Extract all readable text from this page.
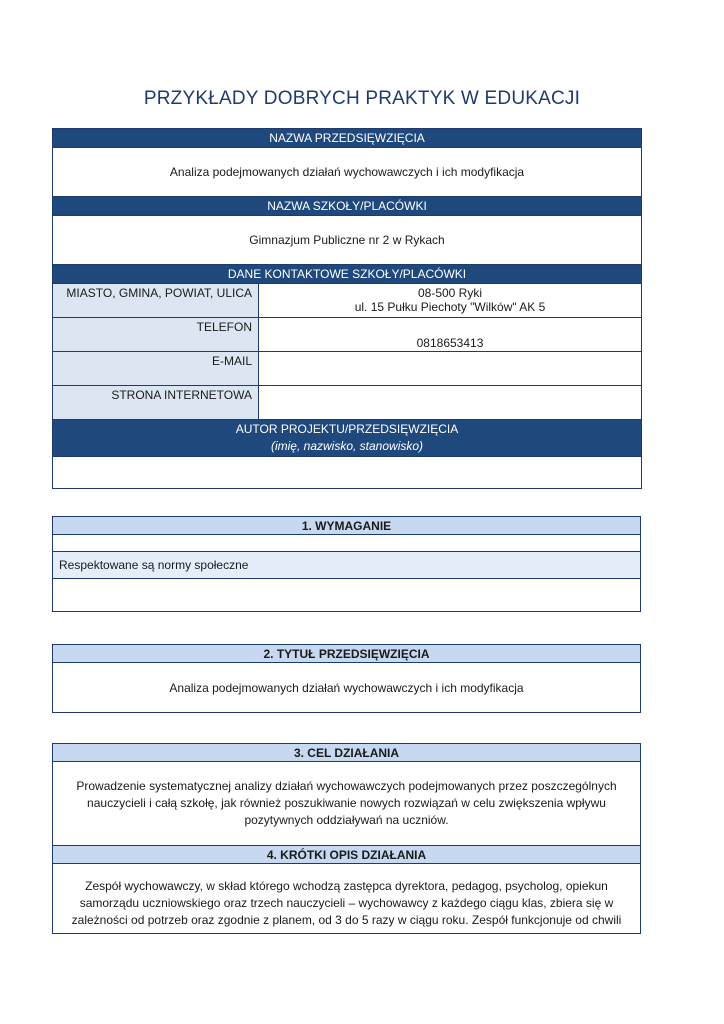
PRZYKŁADY DOBRYCH PRAKTYK W EDUKACJI
NAZWA PRZEDSIĘWZIĘCIA	
Analiza podejmowanych działań wychowawczych i ich modyfikacja	
NAZWA SZKOŁY/PLACÓWKI	
Gimnazjum Publiczne nr 2 w Rykach	
DANE KONTAKTOWE SZKOŁY/PLACÓWKI	
MIASTO, GMINA, POWIAT, ULICA	08-500 Ryki
ul. 15 Pułku Piechoty "Wilków" AK 5
TELEFON	0818653413
E-MAIL	
STRONA INTERNETOWA	

AUTOR PROJEKTU/PRZEDSIĘWZIĘCIA
(imię, nazwisko, stanowisko)	

1. WYMAGANIE

Respektowane są normy społeczne

2. TYTUŁ PRZEDSIĘWZIĘCIA
Analiza podejmowanych działań wychowawczych i ich modyfikacja
3. CEL DZIAŁANIA
Prowadzenie systematycznej analizy działań wychowawczych podejmowanych przez poszczególnych nauczycieli i całą szkołę, jak również poszukiwanie nowych rozwiązań w celu zwiększenia wpływu pozytywnych oddziaływań na uczniów.
4. KRÓTKI OPIS DZIAŁANIA
Zespół wychowawczy, w skład którego wchodzą zastępca dyrektora, pedagog, psycholog, opiekun samorządu uczniowskiego oraz trzech nauczycieli – wychowawcy z każdego ciągu klas, zbiera się w zależności od potrzeb oraz zgodnie z planem, od 3 do 5 razy w ciągu roku. Zespół funkcjonuje od chwili
